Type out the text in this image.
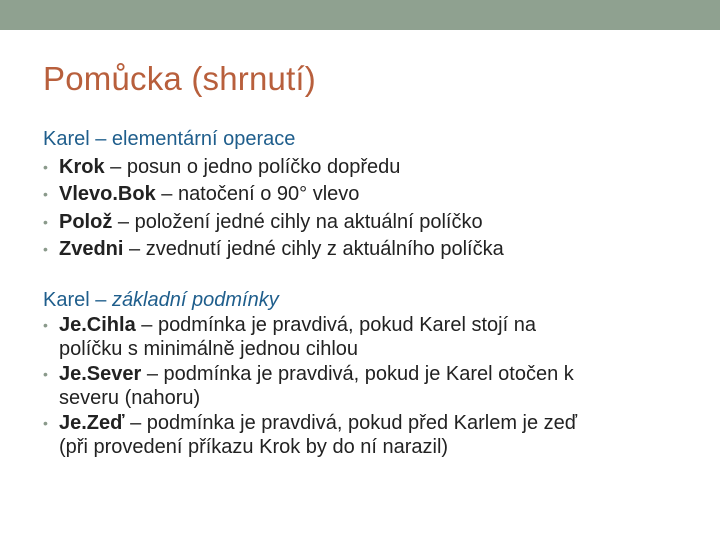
Pomůcka (shrnutí)
Karel – elementární operace
• Krok – posun o jedno políčko dopředu
• Vlevo.Bok – natočení o 90° vlevo
• Polož – položení jedné cihly na aktuální políčko
• Zvedni – zvednutí jedné cihly z aktuálního políčka
Karel – základní podmínky
• Je.Cihla – podmínka je pravdivá, pokud Karel stojí na
políčku s minimálně jednou cihlou
• Je.Sever – podmínka je pravdivá, pokud je Karel otočen k
severu (nahoru)
• Je.Zeď – podmínka je pravdivá, pokud před Karlem je zeď
(při provedení příkazu Krok by do ní narazil)
